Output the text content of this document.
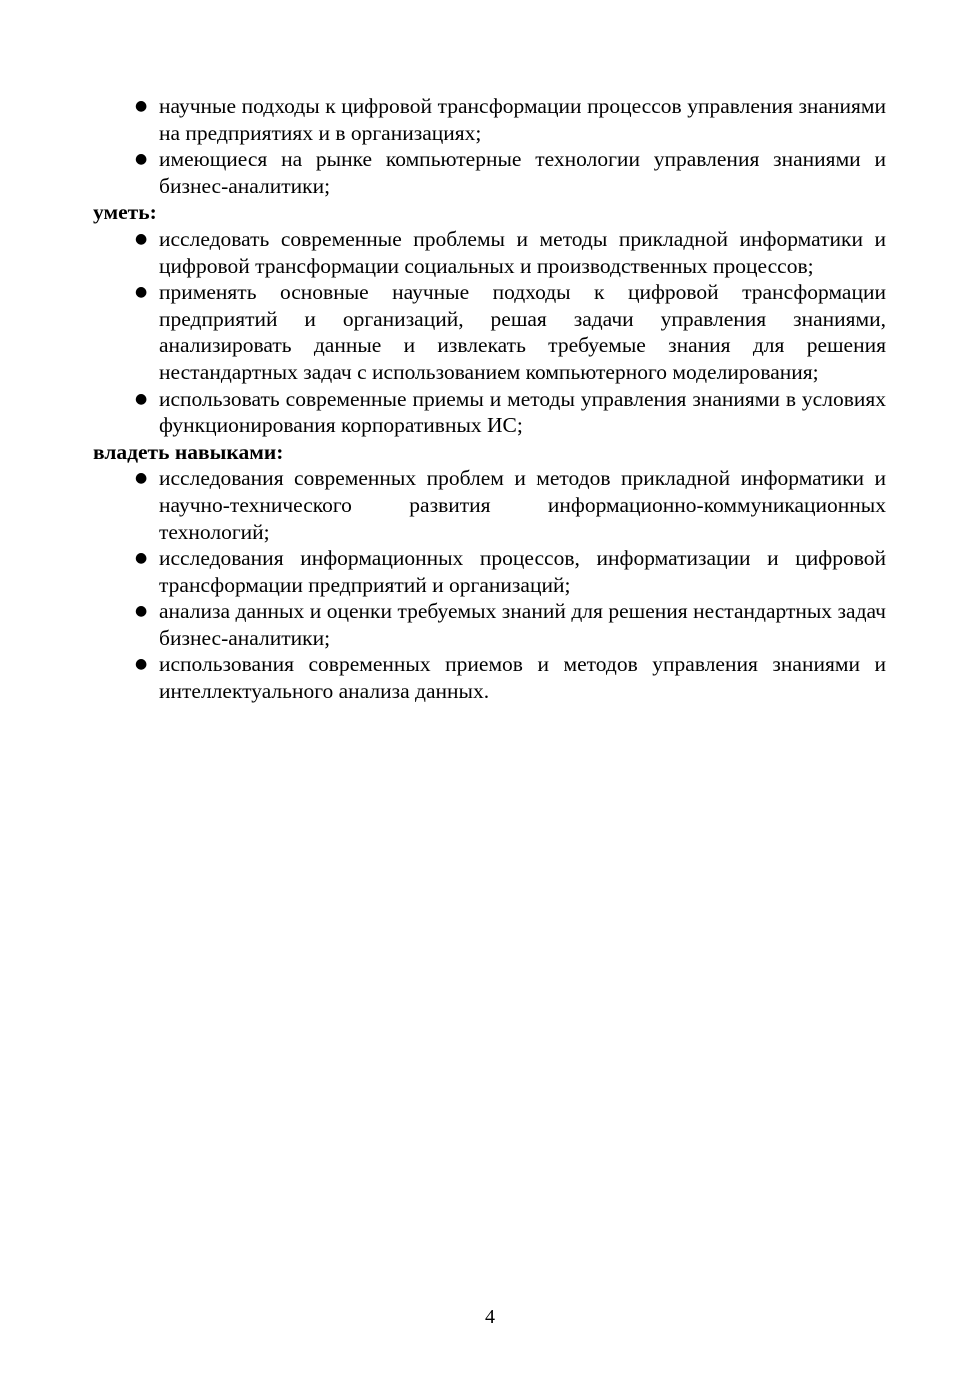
● научные подходы к цифровой трансформации процессов управления знаниями на предприятиях и в организациях;
● имеющиеся на рынке компьютерные технологии управления знаниями и бизнес-аналитики;

уметь:

● исследовать современные проблемы и методы прикладной информатики и цифровой трансформации социальных и производственных процессов;
● применять основные научные подходы к цифровой трансформации предприятий и организаций, решая задачи управления знаниями, анализировать данные и извлекать требуемые знания для решения нестандартных задач с использованием компьютерного моделирования;
● использовать современные приемы и методы управления знаниями в условиях функционирования корпоративных ИС;

владеть навыками:

● исследования современных проблем и методов прикладной информатики и научно-технического развития информационно-коммуникационных технологий;
● исследования информационных процессов, информатизации и цифровой трансформации предприятий и организаций;
● анализа данных и оценки требуемых знаний для решения нестандартных задач бизнес-аналитики;
● использования современных приемов и методов управления знаниями и интеллектуального анализа данных.
4
